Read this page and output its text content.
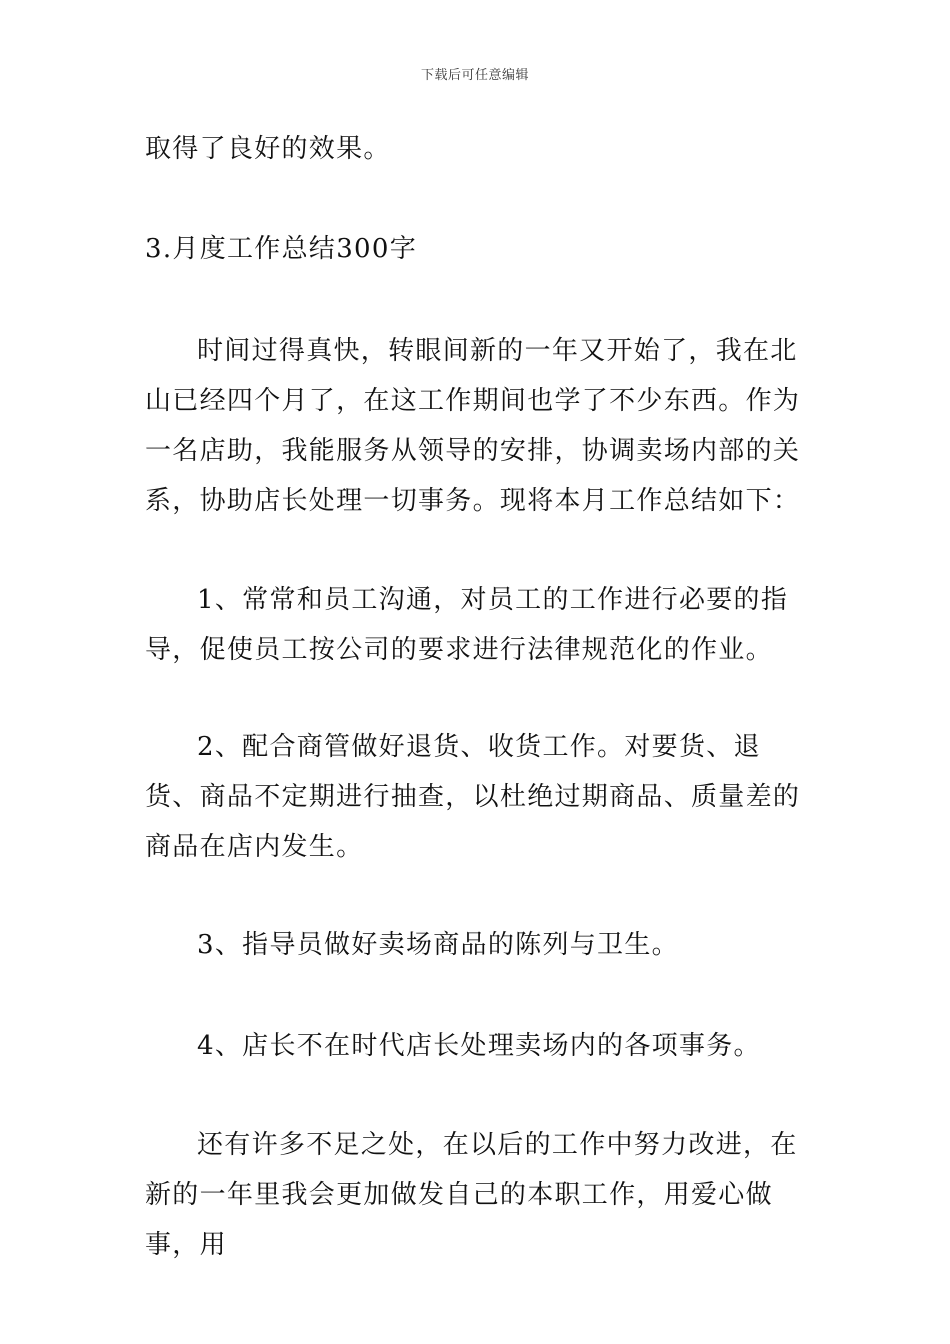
下载后可任意编辑

取得了良好的效果。

3.月度工作总结300字

时间过得真快，转眼间新的一年又开始了，我在北山已经四个月了，在这工作期间也学了不少东西。作为一名店助，我能服务从领导的安排，协调卖场内部的关系，协助店长处理一切事务。现将本月工作总结如下：

1、常常和员工沟通，对员工的工作进行必要的指导，促使员工按公司的要求进行法律规范化的作业。

2、配合商管做好退货、收货工作。对要货、退货、商品不定期进行抽查，以杜绝过期商品、质量差的商品在店内发生。

3、指导员做好卖场商品的陈列与卫生。

4、店长不在时代店长处理卖场内的各项事务。

还有许多不足之处，在以后的工作中努力改进，在新的一年里我会更加做发自己的本职工作，用爱心做事，用
